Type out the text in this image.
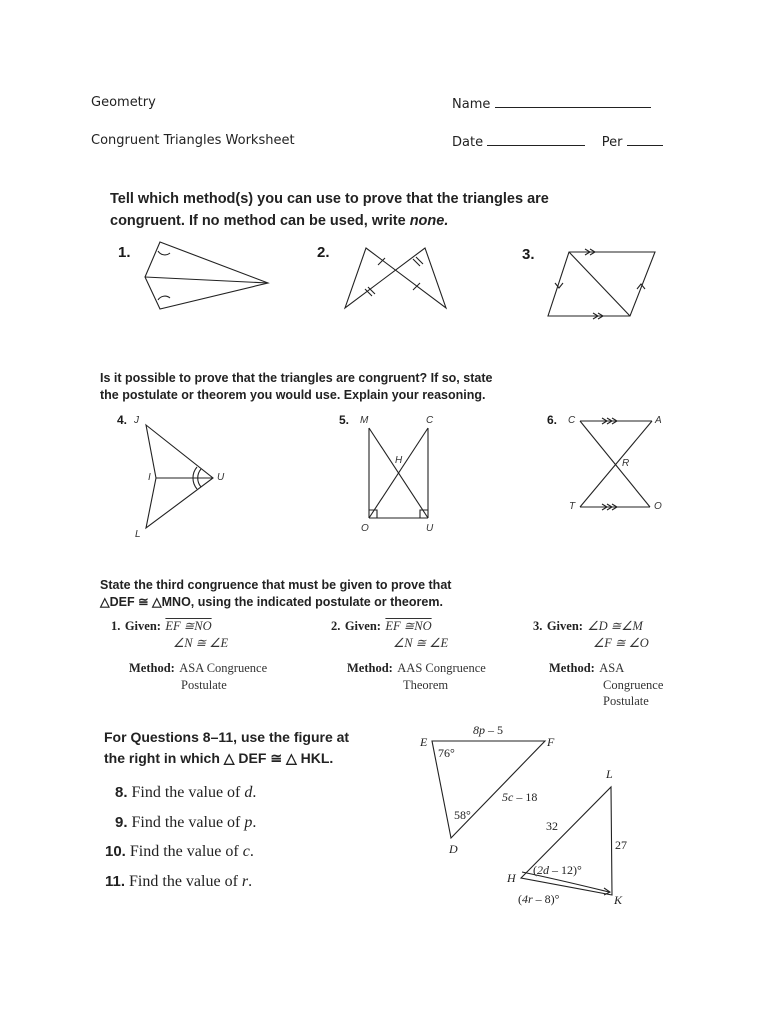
Geometry
Congruent Triangles Worksheet
Name
Date	Per
Tell which method(s) you can use to prove that the triangles are
congruent. If no method can be used, write none.
1.	2.	3.
Is it possible to prove that the triangles are congruent? If so, state
the postulate or theorem you would use. Explain your reasoning.
4.	5.	6.
J
I	U
L
M	C
H
O	U
C	A
R
T	O
State the third congruence that must be given to prove that
△DEF ≅ △MNO, using the indicated postulate or theorem.
1. Given: EF ≅NO
∠N ≅ ∠E
Method: ASA Congruence
Postulate
2. Given: EF ≅NO
∠N ≅ ∠E
Method: AAS Congruence
Theorem
3. Given: ∠D ≅∠M
∠F ≅ ∠O
Method: ASA
Congruence
Postulate
For Questions 8–11, use the figure at
the right in which △ DEF ≅ △ HKL.
8. Find the value of d.
9. Find the value of p.
10. Find the value of c.
11. Find the value of r.
E	F
D
L
H
K
76°
58°
8p – 5
5c – 18
32
27
(2d – 12)°
(4r – 8)°
